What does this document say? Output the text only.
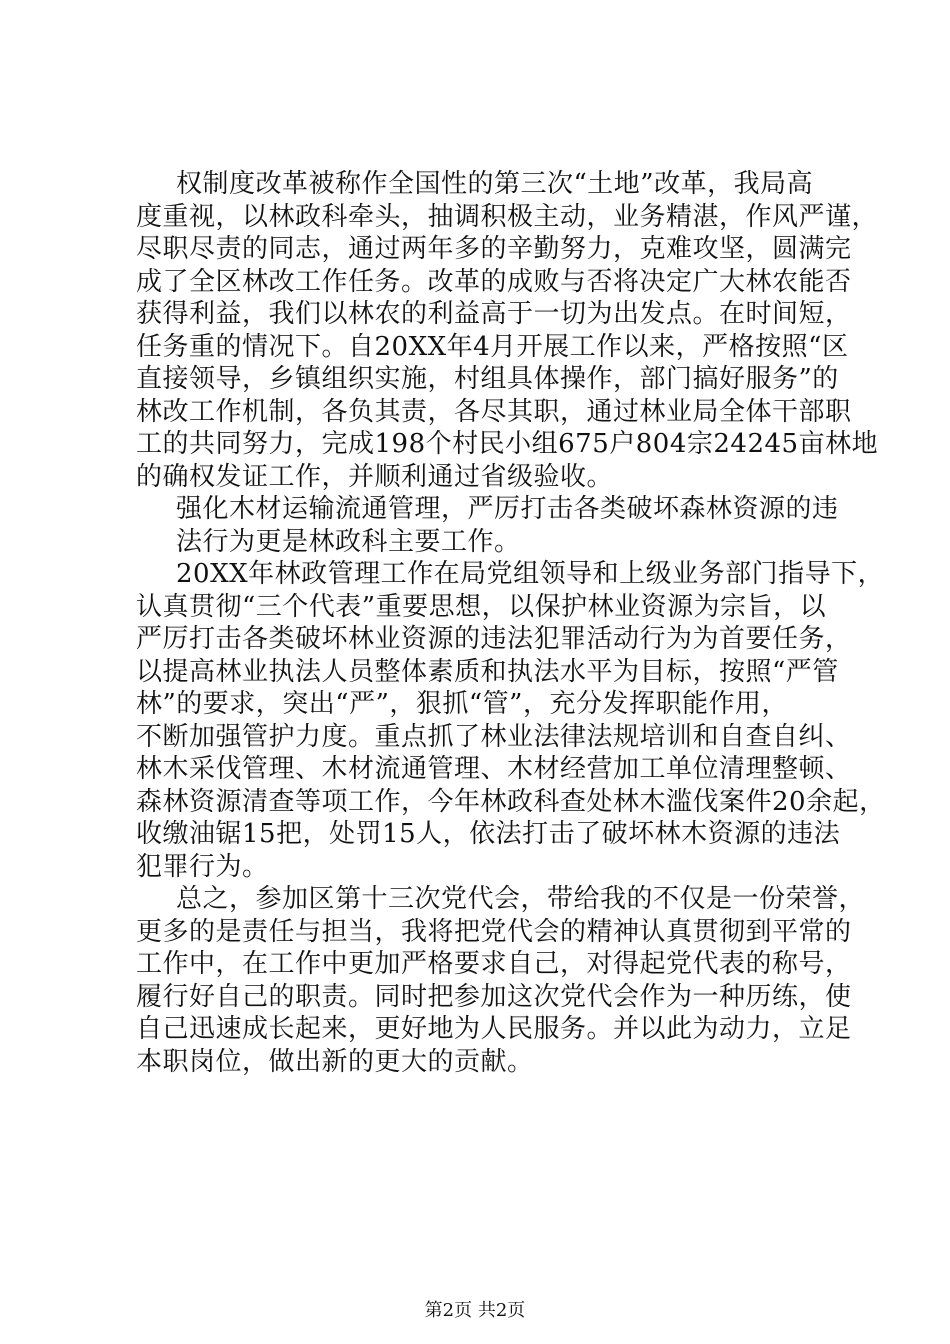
权制度改革被称作全国性的第三次“土地”改革，我局高
度重视，以林政科牵头，抽调积极主动，业务精湛，作风严谨，
尽职尽责的同志，通过两年多的辛勤努力，克难攻坚，圆满完
成了全区林改工作任务。改革的成败与否将决定广大林农能否
获得利益，我们以林农的利益高于一切为出发点。在时间短，
任务重的情况下。自20XX年4月开展工作以来，严格按照“区
直接领导，乡镇组织实施，村组具体操作，部门搞好服务”的
林改工作机制，各负其责，各尽其职，通过林业局全体干部职
工的共同努力，完成198个村民小组675户804宗24245亩林地
的确权发证工作，并顺利通过省级验收。
强化木材运输流通管理，严厉打击各类破坏森林资源的违
法行为更是林政科主要工作。
20XX年林政管理工作在局党组领导和上级业务部门指导下，
认真贯彻“三个代表”重要思想，以保护林业资源为宗旨，以
严厉打击各类破坏林业资源的违法犯罪活动行为为首要任务，
以提高林业执法人员整体素质和执法水平为目标，按照“严管
林”的要求，突出“严”，狠抓“管”，充分发挥职能作用，
不断加强管护力度。重点抓了林业法律法规培训和自查自纠、
林木采伐管理、木材流通管理、木材经营加工单位清理整顿、
森林资源清查等项工作，今年林政科查处林木滥伐案件20余起，
收缴油锯15把，处罚15人，依法打击了破坏林木资源的违法
犯罪行为。
总之，参加区第十三次党代会，带给我的不仅是一份荣誉，
更多的是责任与担当，我将把党代会的精神认真贯彻到平常的
工作中，在工作中更加严格要求自己，对得起党代表的称号，
履行好自己的职责。同时把参加这次党代会作为一种历练，使
自己迅速成长起来，更好地为人民服务。并以此为动力，立足
本职岗位，做出新的更大的贡献。
第2页 共2页
